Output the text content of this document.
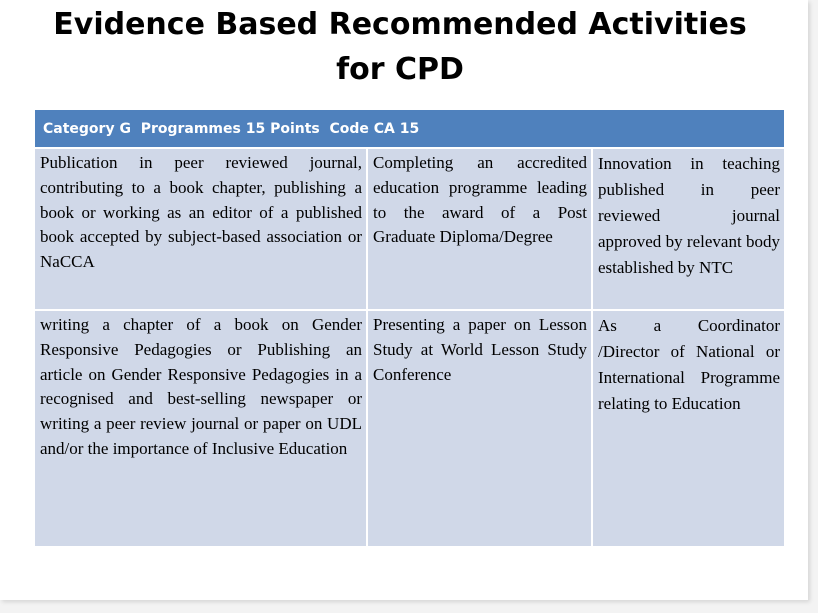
Evidence Based Recommended Activities
for CPD
Category G  Programmes 15 Points  Code CA 15		
Publication in peer reviewed journal, contributing to a book chapter, publishing a book or working as an editor of a published book accepted by subject-based association or NaCCA	Completing an accredited education programme leading to the award of a Post Graduate Diploma/Degree	Innovation in teaching published in peer reviewed journal approved by relevant body established by NTC
writing a chapter of a book on Gender Responsive Pedagogies or Publishing an article on Gender Responsive Pedagogies in a recognised and best-selling newspaper or writing a peer review journal or paper on UDL and/or the importance of Inclusive Education	Presenting a paper on Lesson Study at World Lesson Study Conference	As a Coordinator /Director of National or International Programme relating to Education
